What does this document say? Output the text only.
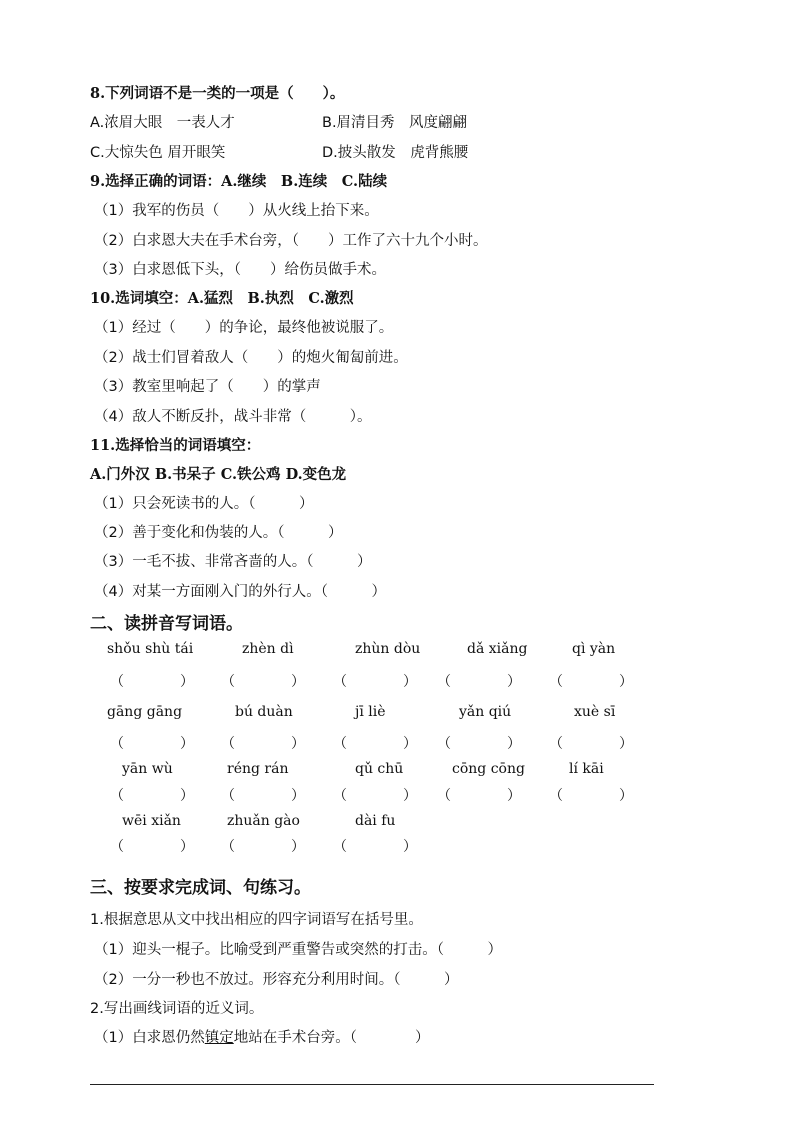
8.下列词语不是一类的一项是（　　）。
A.浓眉大眼　一表人才	B.眉清目秀　风度翩翩
C.大惊失色 眉开眼笑	D.披头散发　虎背熊腰
9.选择正确的词语：A.继续　B.连续　C.陆续
（1）我军的伤员（　　）从火线上抬下来。
（2）白求恩大夫在手术台旁，（　　）工作了六十九个小时。
（3）白求恩低下头，（　　）给伤员做手术。
10.选词填空：A.猛烈　B.执烈　C.激烈
（1）经过（　　）的争论，最终他被说服了。
（2）战士们冒着敌人（　　）的炮火匍匐前进。
（3）教室里响起了（　　）的掌声
（4）敌人不断反扑，战斗非常（　　　）。
11.选择恰当的词语填空：
A.门外汉 B.书呆子 C.铁公鸡 D.变色龙
（1）只会死读书的人。（　　　）
（2）善于变化和伪装的人。（　　　）
（3）一毛不拔、非常吝啬的人。（　　　）
（4）对某一方面刚入门的外行人。（　　　）
二、读拼音写词语。
shǒu shù tái	zhèn dì	zhùn dòu	dǎ xiǎng	qì yàn
（　　　　） （　　　　） （　　　　） （　　　　） （　　　　）
gāng gāng	bú duàn	jī liè	yǎn qiú	xuè sī
（　　　　） （　　　　） （　　　　） （　　　　） （　　　　）
yān wù	réng rán	qǔ chū	cōng cōng	lí kāi
（　　　　） （　　　　） （　　　　） （　　　　） （　　　　）
wēi xiǎn	zhuǎn gào	dài fu
（　　　　） （　　　　） （　　　　）
三、按要求完成词、句练习。
1.根据意思从文中找出相应的四字词语写在括号里。
（1）迎头一棍子。比喻受到严重警告或突然的打击。（　　　）
（2）一分一秒也不放过。形容充分利用时间。（　　　）
2.写出画线词语的近义词。
（1）白求恩仍然镇定地站在手术台旁。（　　　　）
